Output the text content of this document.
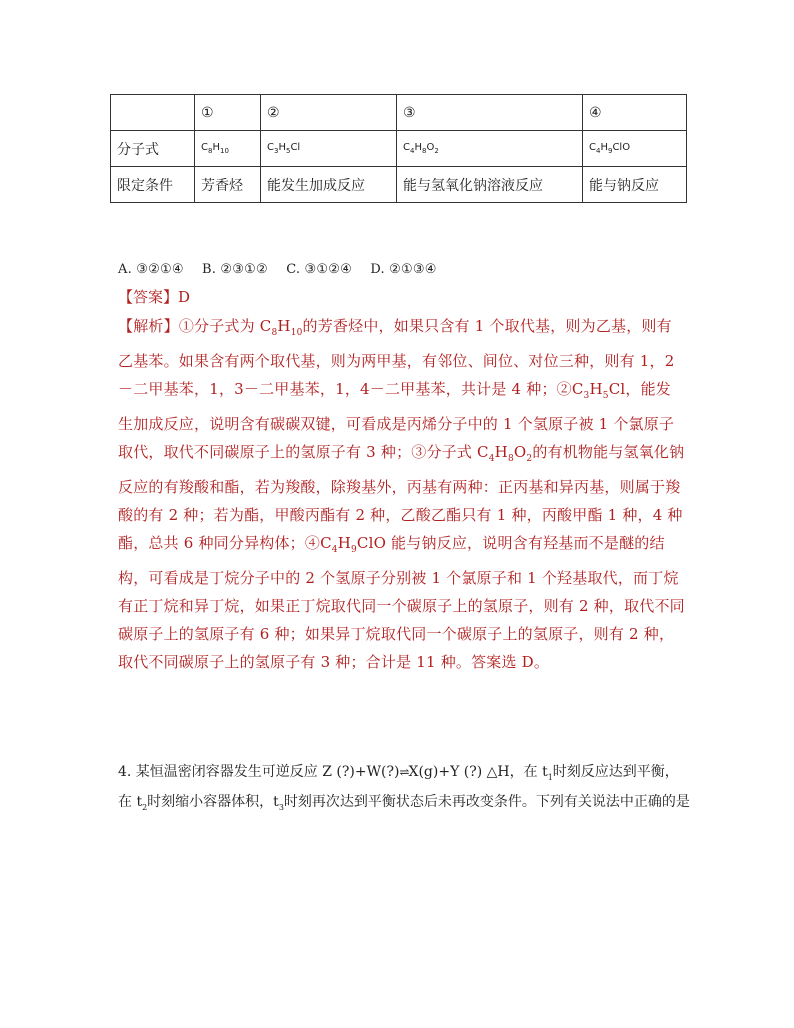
	①	②	③	④
分子式	$C_8H_{10}$	$C_3H_5Cl$	$C_4H_8O_2$	$C_4H_9ClO$
限定条件	芳香烃	能发生加成反应	能与氢氧化钠溶液反应	能与钠反应
A. ③②①④ B. ②③①② C. ③①②④ D. ②①③④
【答案】D
【解析】①分子式为 $C_8H_{10}$的芳香烃中，如果只含有 1 个取代基，则为乙基，则有乙基苯。如果含有两个取代基，则为两甲基，有邻位、间位、对位三种，则有 1，2－二甲基苯，1，3－二甲基苯，1，4－二甲基苯，共计是 4 种；$②C_3H_5Cl$，能发生加成反应，说明含有碳碳双键，可看成是丙烯分子中的 1 个氢原子被 1 个氯原子取代，取代不同碳原子上的氢原子有 3 种；③分子式 $C_4H_8O_2$的有机物能与氢氧化钠反应的有羧酸和酯，若为羧酸，除羧基外，丙基有两种：正丙基和异丙基，则属于羧酸的有 2 种；若为酯，甲酸丙酯有 2 种，乙酸乙酯只有 1 种，丙酸甲酯 1 种，4 种酯，总共 6 种同分异构体；$④C_4H_9ClO$ 能与钠反应，说明含有羟基而不是醚的结构，可看成是丁烷分子中的 2 个氢原子分别被 1 个氯原子和 1 个羟基取代，而丁烷有正丁烷和异丁烷，如果正丁烷取代同一个碳原子上的氢原子，则有 2 种，取代不同碳原子上的氢原子有 6 种；如果异丁烷取代同一个碳原子上的氢原子，则有 2 种，取代不同碳原子上的氢原子有 3 种；合计是 11 种。答案选 D。
4. 某恒温密闭容器发生可逆反应 Z (?)+W(?)⇌X(g)+Y (?) △H，在 $t_1$时刻反应达到平衡，在 $t_2$时刻缩小容器体积，$t_3$时刻再次达到平衡状态后未再改变条件。下列有关说法中正确的是
